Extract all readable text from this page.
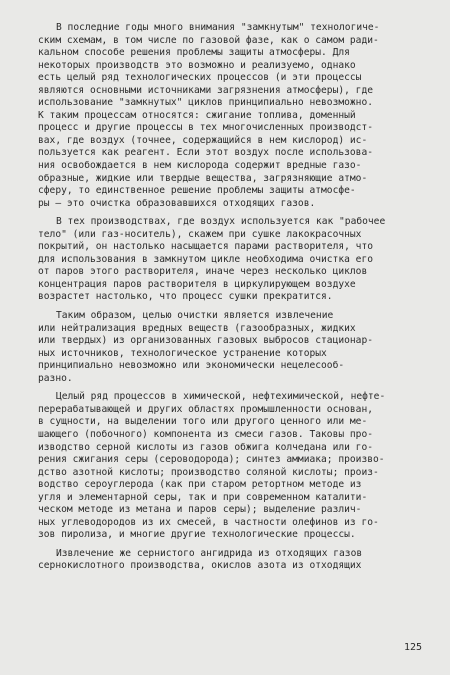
В последние годы много внимания "замкнутым" технологиче-
ским схемам, в том числе по газовой фазе, как о самом ради-
кальном способе решения проблемы защиты атмосферы. Для
некоторых производств это возможно и реализуемо, однако
есть целый ряд технологических процессов (и эти процессы
являются основными источниками загрязнения атмосферы), где
использование "замкнутых" циклов принципиально невозможно.
К таким процессам относятся: сжигание топлива, доменный
процесс и другие процессы в тех многочисленных производст-
вах, где воздух (точнее, содержащийся в нем кислород) ис-
пользуется как реагент. Если этот воздух после использова-
ния освобождается в нем кислорода содержит вредные газо-
образные, жидкие или твердые вещества, загрязняющие атмо-
сферу, то единственное решение проблемы защиты атмосфе-
ры – это очистка образовавшихся отходящих газов.
В тех производствах, где воздух используется как "рабочее
тело" (или газ-носитель), скажем при сушке лакокрасочных
покрытий, он настолько насыщается парами растворителя, что
для использования в замкнутом цикле необходима очистка его
от паров этого растворителя, иначе через несколько циклов
концентрация паров растворителя в циркулирующем воздухе
возрастет настолько, что процесс сушки прекратится.
Таким образом, целью очистки является извлечение
или нейтрализация вредных веществ (газообразных, жидких
или твердых) из организованных газовых выбросов стационар-
ных источников, технологическое устранение которых
принципиально невозможно или экономически нецелесооб-
разно.
Целый ряд процессов в химической, нефтехимической, нефте-
перерабатывающей и других областях промышленности основан,
в сущности, на выделении того или другого ценного или ме-
шающего (побочного) компонента из смеси газов. Таковы про-
изводство серной кислоты из газов обжига колчедана или го-
рения сжигания серы (сероводорода); синтез аммиака; произво-
дство азотной кислоты; производство соляной кислоты; произ-
водство сероуглерода (как при старом ретортном методе из
угля и элементарной серы, так и при современном каталити-
ческом методе из метана и паров серы); выделение различ-
ных углеводородов из их смесей, в частности олефинов из го-
зов пиролиза, и многие другие технологические процессы.
Извлечение же сернистого ангидрида из отходящих газов
сернокислотного производства, окислов азота из отходящих
125
